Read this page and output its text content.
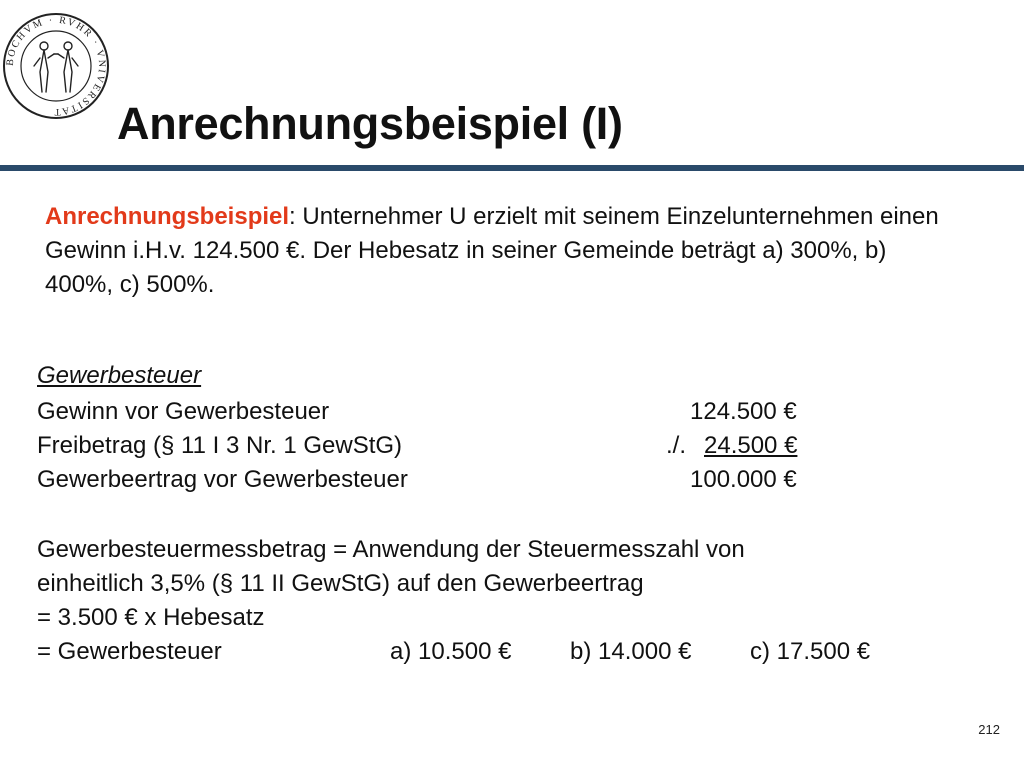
BOCHVM · RVHR · VNIVERSITAT	Anrechnungsbeispiel (I)
Anrechnungsbeispiel: Unternehmer U erzielt mit seinem Einzelunternehmen einen Gewinn i.H.v. 124.500 €. Der Hebesatz in seiner Gemeinde beträgt a) 300%, b) 400%, c) 500%.
Gewerbesteuer
Gewinn vor Gewerbesteuer	124.500 €
Freibetrag (§ 11 I 3 Nr. 1 GewStG)	./. 24.500 €
Gewerbeertrag vor Gewerbesteuer	100.000 €
Gewerbesteuermessbetrag = Anwendung der Steuermesszahl von
einheitlich 3,5% (§ 11 II GewStG) auf den Gewerbeertrag
= 3.500 € x Hebesatz
= Gewerbesteuer	a) 10.500 € b) 14.000 € c) 17.500 €
212
